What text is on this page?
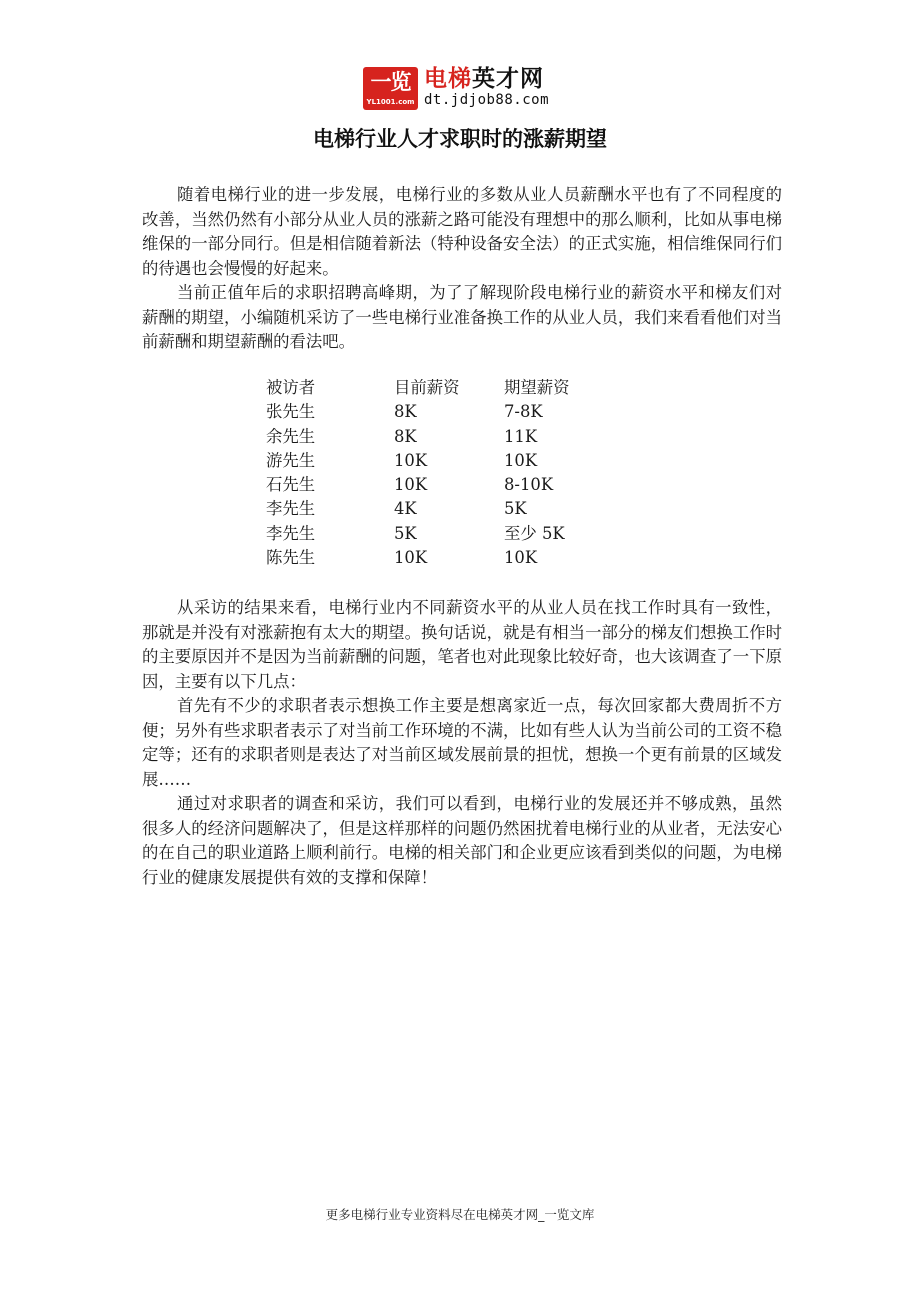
一览
YL1001.com
电梯英才网
dt.jdjob88.com
电梯行业人才求职时的涨薪期望

随着电梯行业的进一步发展，电梯行业的多数从业人员薪酬水平也有了不同程度的改善，当然仍然有小部分从业人员的涨薪之路可能没有理想中的那么顺利，比如从事电梯维保的一部分同行。但是相信随着新法（特种设备安全法）的正式实施，相信维保同行们的待遇也会慢慢的好起来。

当前正值年后的求职招聘高峰期，为了了解现阶段电梯行业的薪资水平和梯友们对薪酬的期望，小编随机采访了一些电梯行业准备换工作的从业人员，我们来看看他们对当前薪酬和期望薪酬的看法吧。

被访者	目前薪资	期望薪资
张先生	8K	7-8K
余先生	8K	11K
游先生	10K	10K
石先生	10K	8-10K
李先生	4K	5K
李先生	5K	至少 5K
陈先生	10K	10K

从采访的结果来看，电梯行业内不同薪资水平的从业人员在找工作时具有一致性，那就是并没有对涨薪抱有太大的期望。换句话说，就是有相当一部分的梯友们想换工作时的主要原因并不是因为当前薪酬的问题，笔者也对此现象比较好奇，也大该调查了一下原因，主要有以下几点：

首先有不少的求职者表示想换工作主要是想离家近一点，每次回家都大费周折不方便；另外有些求职者表示了对当前工作环境的不满，比如有些人认为当前公司的工资不稳定等；还有的求职者则是表达了对当前区域发展前景的担忧，想换一个更有前景的区域发展……

通过对求职者的调查和采访，我们可以看到，电梯行业的发展还并不够成熟，虽然很多人的经济问题解决了，但是这样那样的问题仍然困扰着电梯行业的从业者，无法安心的在自己的职业道路上顺利前行。电梯的相关部门和企业更应该看到类似的问题，为电梯行业的健康发展提供有效的支撑和保障！

更多电梯行业专业资料尽在电梯英才网_一览文库
